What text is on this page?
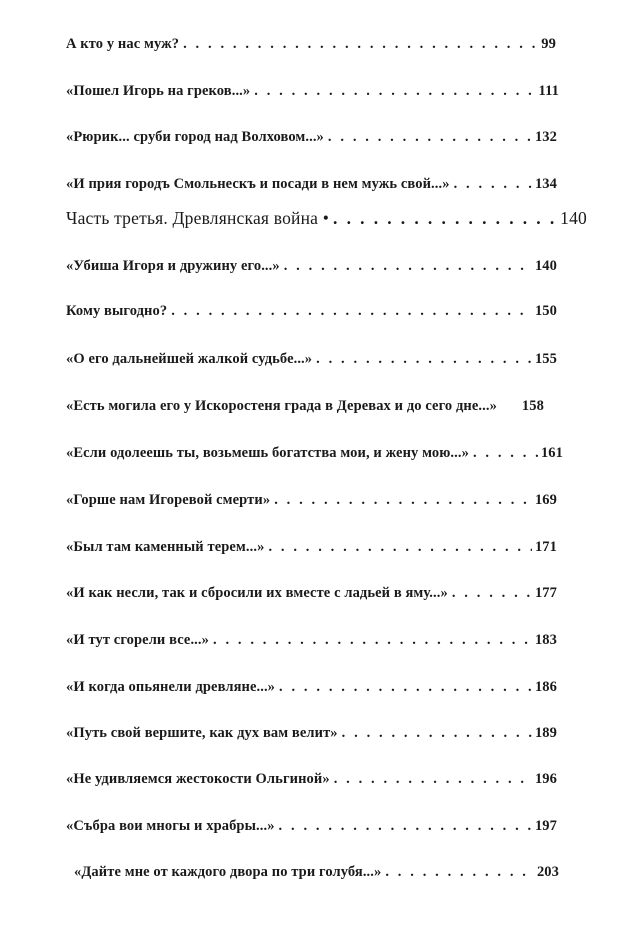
А кто у нас муж? . . .	99
«Пошел Игорь на греков...» . . .	111
«Рюрик... сруби город над Волховом...» . . .	132
«И прия городъ Смольнескъ и посади в нем мужь свой...» . . .	134
Часть третья. Древлянская война • . . .	140
«Убиша Игоря и дружину его...» . . .	140
Кому выгодно? . . .	150
«О его дальнейшей жалкой судьбе...» . . .	155
«Есть могила его у Искоростеня града в Деревах и до сего дне...» 158
«Если одолеешь ты, возьмешь богатства мои, и жену мою...» . . .	161
«Горше нам Игоревой смерти» . . .	169
«Был там каменный терем...» . . .	171
«И как несли, так и сбросили их вместе с ладьей в яму...» . . .	177
«И тут сгорели все...» . . .	183
«И когда опьянели древляне...» . . .	186
«Путь свой вершите, как дух вам велит» . . .	189
«Не удивляемся жестокости Ольгиной» . . .	196
«Събра вои многы и храбры...» . . .	197
«Дайте мне от каждого двора по три голубя...» . . .	203
